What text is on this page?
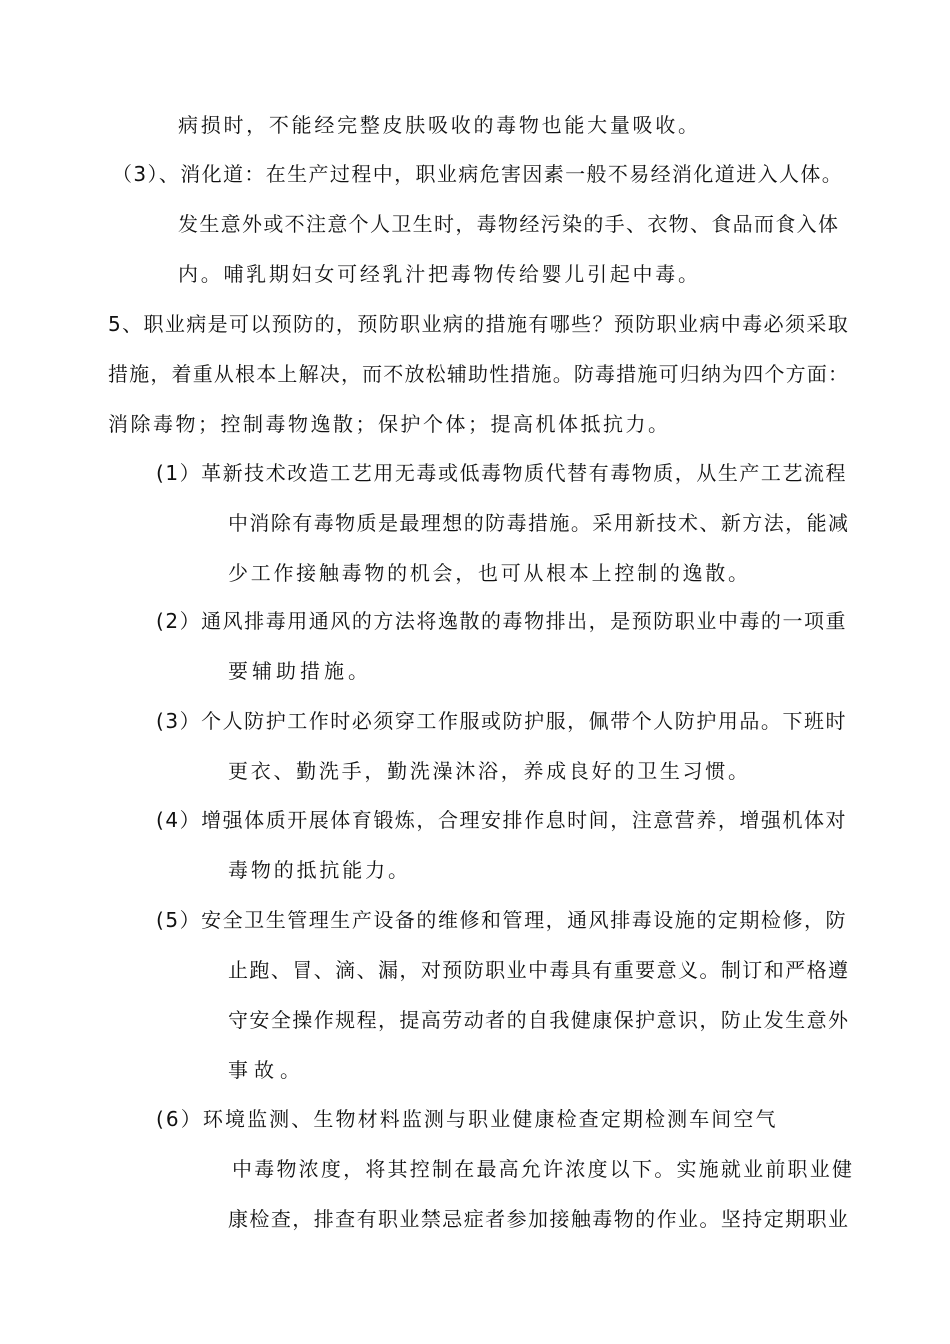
病损时，不能经完整皮肤吸收的毒物也能大量吸收。
（3）、消化道：在生产过程中，职业病危害因素一般不易经消化道进入人体。
发生意外或不注意个人卫生时，毒物经污染的手、衣物、食品而食入体
内。哺乳期妇女可经乳汁把毒物传给婴儿引起中毒。
5、职业病是可以预防的，预防职业病的措施有哪些？预防职业病中毒必须采取
措施，着重从根本上解决，而不放松辅助性措施。防毒措施可归纳为四个方面：
消除毒物；控制毒物逸散；保护个体；提高机体抵抗力。
(1）革新技术改造工艺用无毒或低毒物质代替有毒物质，从生产工艺流程
中消除有毒物质是最理想的防毒措施。采用新技术、新方法，能减
少工作接触毒物的机会，也可从根本上控制的逸散。
(2）通风排毒用通风的方法将逸散的毒物排出，是预防职业中毒的一项重
要辅助措施。
(3）个人防护工作时必须穿工作服或防护服，佩带个人防护用品。下班时
更衣、勤洗手，勤洗澡沐浴，养成良好的卫生习惯。
(4）增强体质开展体育锻炼，合理安排作息时间，注意营养，增强机体对
毒物的抵抗能力。
(5）安全卫生管理生产设备的维修和管理，通风排毒设施的定期检修，防
止跑、冒、滴、漏，对预防职业中毒具有重要意义。制订和严格遵
守安全操作规程，提高劳动者的自我健康保护意识，防止发生意外
事故。
(6）环境监测、生物材料监测与职业健康检查定期检测车间空气
中毒物浓度，将其控制在最高允许浓度以下。实施就业前职业健
康检查，排查有职业禁忌症者参加接触毒物的作业。坚持定期职业
